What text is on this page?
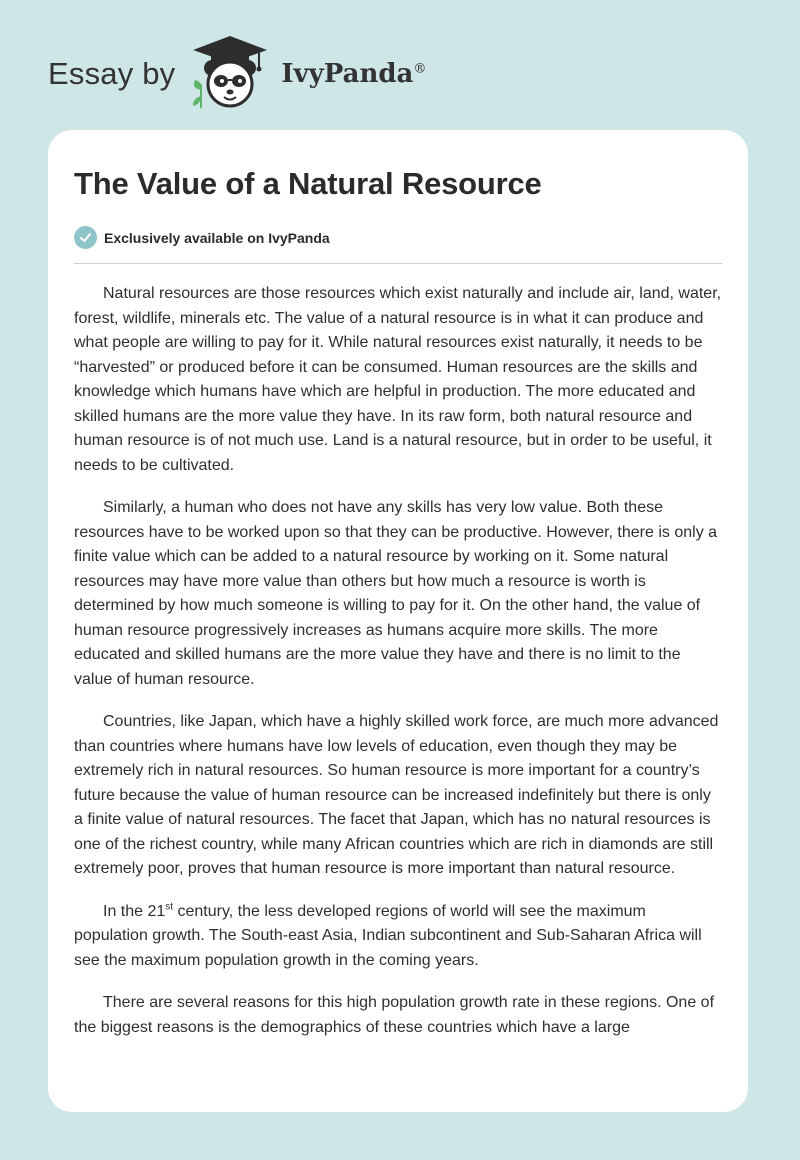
Essay by	IvyPanda®
The Value of a Natural Resource
Exclusively available on IvyPanda

Natural resources are those resources which exist naturally and include air, land, water, forest, wildlife, minerals etc. The value of a natural resource is in what it can produce and what people are willing to pay for it. While natural resources exist naturally, it needs to be “harvested” or produced before it can be consumed. Human resources are the skills and knowledge which humans have which are helpful in production. The more educated and skilled humans are the more value they have. In its raw form, both natural resource and human resource is of not much use. Land is a natural resource, but in order to be useful, it needs to be cultivated.

Similarly, a human who does not have any skills has very low value. Both these resources have to be worked upon so that they can be productive. However, there is only a finite value which can be added to a natural resource by working on it. Some natural resources may have more value than others but how much a resource is worth is determined by how much someone is willing to pay for it. On the other hand, the value of human resource progressively increases as humans acquire more skills. The more educated and skilled humans are the more value they have and there is no limit to the value of human resource.

Countries, like Japan, which have a highly skilled work force, are much more advanced than countries where humans have low levels of education, even though they may be extremely rich in natural resources. So human resource is more important for a country’s future because the value of human resource can be increased indefinitely but there is only a finite value of natural resources. The facet that Japan, which has no natural resources is one of the richest country, while many African countries which are rich in diamonds are still extremely poor, proves that human resource is more important than natural resource.

In the 21st century, the less developed regions of world will see the maximum population growth. The South-east Asia, Indian subcontinent and Sub-Saharan Africa will see the maximum population growth in the coming years.

There are several reasons for this high population growth rate in these regions. One of the biggest reasons is the demographics of these countries which have a large
